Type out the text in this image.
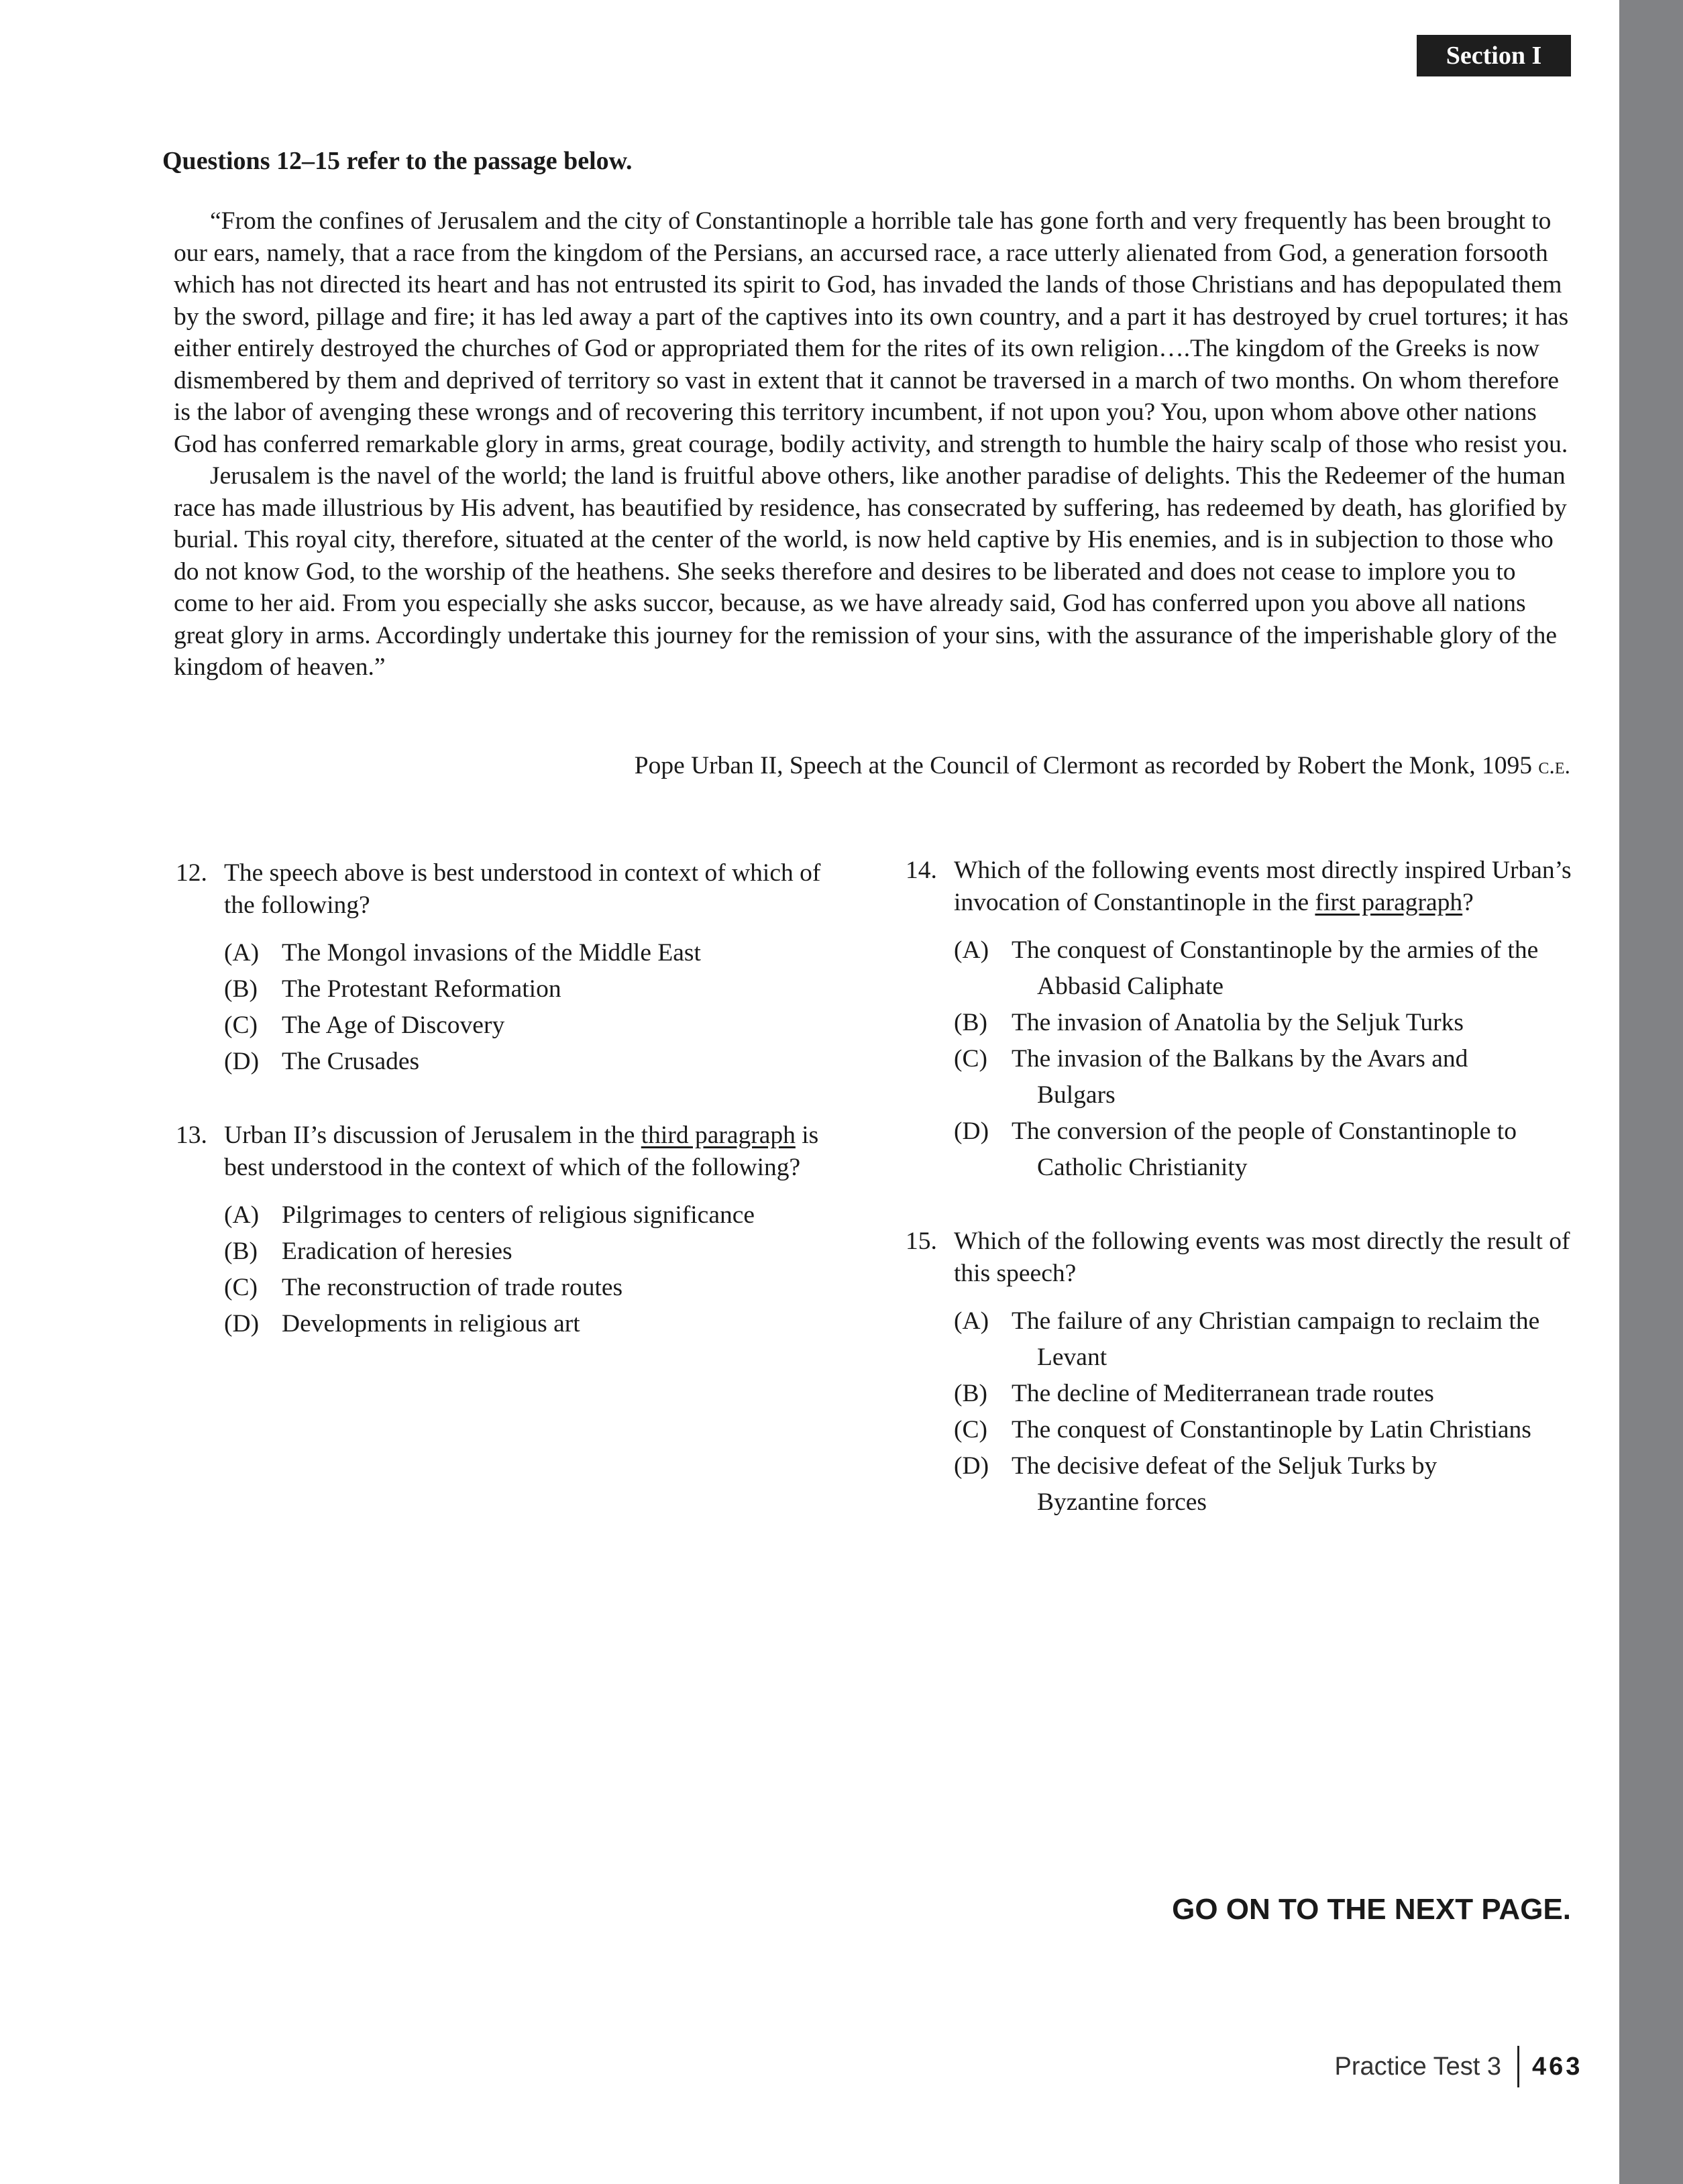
Section I

Questions 12–15 refer to the passage below.

“From the confines of Jerusalem and the city of Constantinople a horrible tale has gone forth and very frequently has been brought to our ears, namely, that a race from the kingdom of the Persians, an accursed race, a race utterly alienated from God, a generation forsooth which has not directed its heart and has not entrusted its spirit to God, has invaded the lands of those Christians and has depopulated them by the sword, pillage and fire; it has led away a part of the captives into its own country, and a part it has destroyed by cruel tortures; it has either entirely destroyed the churches of God or appropriated them for the rites of its own religion….The kingdom of the Greeks is now dismembered by them and deprived of territory so vast in extent that it cannot be traversed in a march of two months. On whom therefore is the labor of avenging these wrongs and of recovering this territory incumbent, if not upon you? You, upon whom above other nations God has conferred remarkable glory in arms, great courage, bodily activity, and strength to humble the hairy scalp of those who resist you.

Jerusalem is the navel of the world; the land is fruitful above others, like another paradise of delights. This the Redeemer of the human race has made illustrious by His advent, has beautified by residence, has consecrated by suffering, has redeemed by death, has glorified by burial. This royal city, therefore, situated at the center of the world, is now held captive by His enemies, and is in subjection to those who do not know God, to the worship of the heathens. She seeks therefore and desires to be liberated and does not cease to implore you to come to her aid. From you especially she asks succor, because, as we have already said, God has conferred upon you above all nations great glory in arms. Accordingly undertake this journey for the remission of your sins, with the assurance of the imperishable glory of the kingdom of heaven.”

Pope Urban II, Speech at the Council of Clermont as recorded by Robert the Monk, 1095 c.e.
12. The speech above is best understood in context of which of the following?
(A) The Mongol invasions of the Middle East
(B) The Protestant Reformation
(C) The Age of Discovery
(D) The Crusades
13. Urban II’s discussion of Jerusalem in the third paragraph is best understood in the context of which of the following?
(A) Pilgrimages to centers of religious significance
(B) Eradication of heresies
(C) The reconstruction of trade routes
(D) Developments in religious art
14. Which of the following events most directly inspired Urban’s invocation of Constantinople in the first paragraph?
(A) The conquest of Constantinople by the armies of the
Abbasid Caliphate
(B) The invasion of Anatolia by the Seljuk Turks
(C) The invasion of the Balkans by the Avars and
Bulgars
(D) The conversion of the people of Constantinople to
Catholic Christianity
15. Which of the following events was most directly the result of this speech?
(A) The failure of any Christian campaign to reclaim the
Levant
(B) The decline of Mediterranean trade routes
(C) The conquest of Constantinople by Latin Christians
(D) The decisive defeat of the Seljuk Turks by
Byzantine forces
GO ON TO THE NEXT PAGE.
Practice Test 3 463
